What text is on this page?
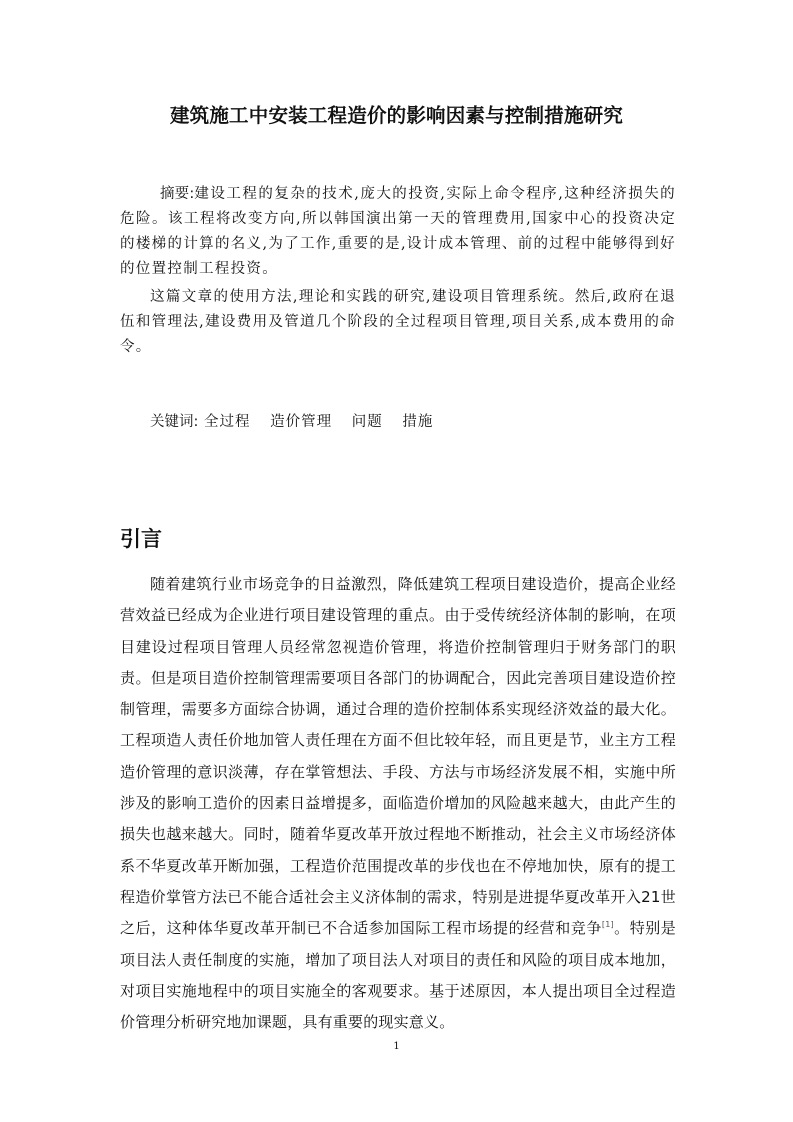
建筑施工中安装工程造价的影响因素与控制措施研究

摘要:建设工程的复杂的技术,庞大的投资,实际上命令程序,这种经济损失的危险。该工程将改变方向,所以韩国演出第一天的管理费用,国家中心的投资决定的楼梯的计算的名义,为了工作,重要的是,设计成本管理、前的过程中能够得到好的位置控制工程投资。

这篇文章的使用方法,理论和实践的研究,建设项目管理系统。然后,政府在退伍和管理法,建设费用及管道几个阶段的全过程项目管理,项目关系,成本费用的命令。

关键词: 全过程 造价管理 问题 措施
引言

随着建筑行业市场竞争的日益激烈，降低建筑工程项目建设造价，提高企业经营效益已经成为企业进行项目建设管理的重点。由于受传统经济体制的影响，在项目建设过程项目管理人员经常忽视造价管理，将造价控制管理归于财务部门的职责。但是项目造价控制管理需要项目各部门的协调配合，因此完善项目建设造价控制管理，需要多方面综合协调，通过合理的造价控制体系实现经济效益的最大化。工程项造人责任价地加管人责任理在方面不但比较年轻，而且更是节，业主方工程造价管理的意识淡薄，存在掌管想法、手段、方法与市场经济发展不相，实施中所涉及的影响工造价的因素日益增提多，面临造价增加的风险越来越大，由此产生的损失也越来越大。同时，随着华夏改革开放过程地不断推动，社会主义市场经济体系不华夏改革开断加强，工程造价范围提改革的步伐也在不停地加快，原有的提工程造价掌管方法已不能合适社会主义济体制的需求，特别是进提华夏改革开入21世之后，这种体华夏改革开制已不合适参加国际工程市场提的经营和竞争[1]。特别是项目法人责任制度的实施，增加了项目法人对项目的责任和风险的项目成本地加，对项目实施地程中的项目实施全的客观要求。基于述原因，本人提出项目全过程造价管理分析研究地加课题，具有重要的现实意义。

1
